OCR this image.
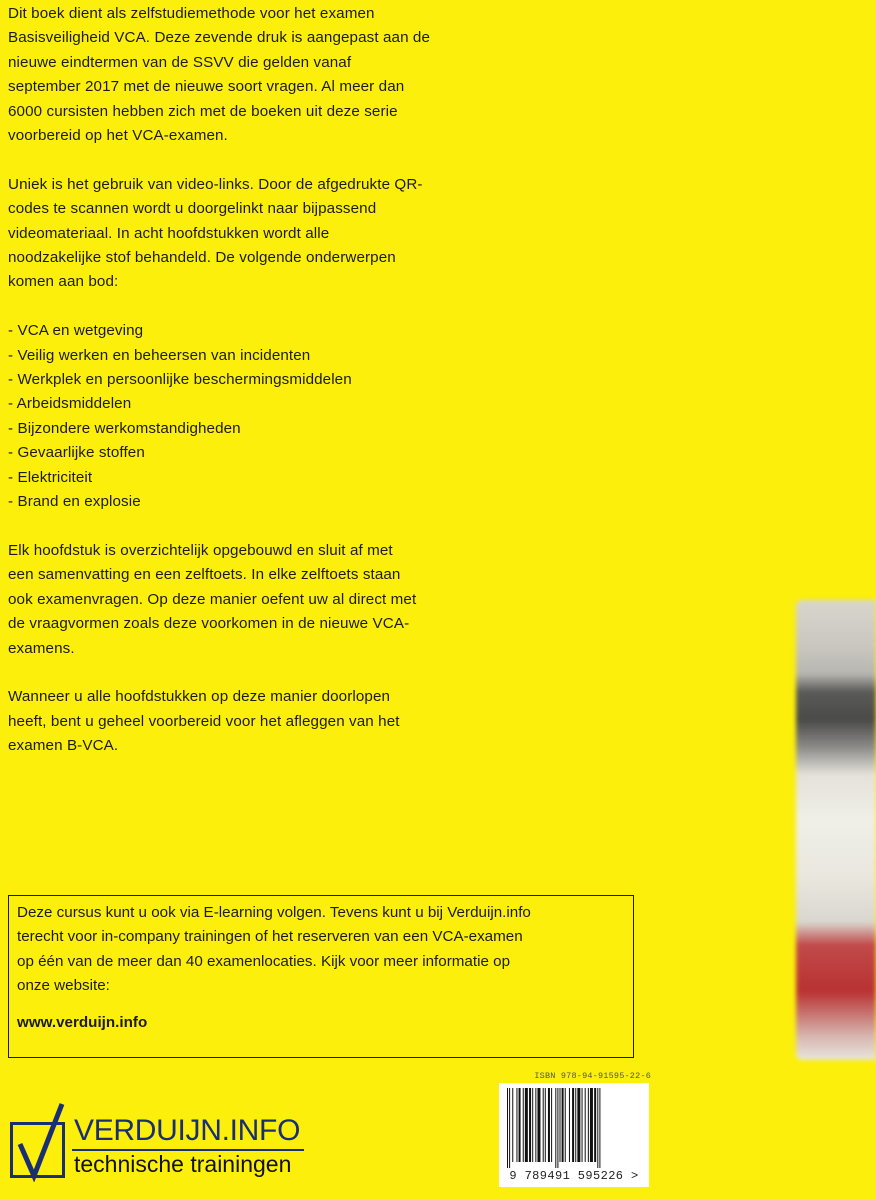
Dit boek dient als zelfstudiemethode voor het examen
Basisveiligheid VCA. Deze zevende druk is aangepast aan de
nieuwe eindtermen van de SSVV die gelden vanaf
september 2017 met de nieuwe soort vragen. Al meer dan
6000 cursisten hebben zich met de boeken uit deze serie
voorbereid op het VCA-examen.

Uniek is het gebruik van video-links. Door de afgedrukte QR-
codes te scannen wordt u doorgelinkt naar bijpassend
videomateriaal. In acht hoofdstukken wordt alle
noodzakelijke stof behandeld. De volgende onderwerpen
komen aan bod:

- VCA en wetgeving
- Veilig werken en beheersen van incidenten
- Werkplek en persoonlijke beschermingsmiddelen
- Arbeidsmiddelen
- Bijzondere werkomstandigheden
- Gevaarlijke stoffen
- Elektriciteit
- Brand en explosie

Elk hoofdstuk is overzichtelijk opgebouwd en sluit af met
een samenvatting en een zelftoets. In elke zelftoets staan
ook examenvragen. Op deze manier oefent uw al direct met
de vraagvormen zoals deze voorkomen in de nieuwe VCA-
examens.

Wanneer u alle hoofdstukken op deze manier doorlopen
heeft, bent u geheel voorbereid voor het afleggen van het
examen B-VCA.

Deze cursus kunt u ook via E-learning volgen. Tevens kunt u bij Verduijn.info
terecht voor in-company trainingen of het reserveren van een VCA-examen
op één van de meer dan 40 examenlocaties. Kijk voor meer informatie op
onze website:

www.verduijn.info

VERDUIJN.INFO
technische trainingen
ISBN 978-94-91595-22-6
9 789491 595226 >
